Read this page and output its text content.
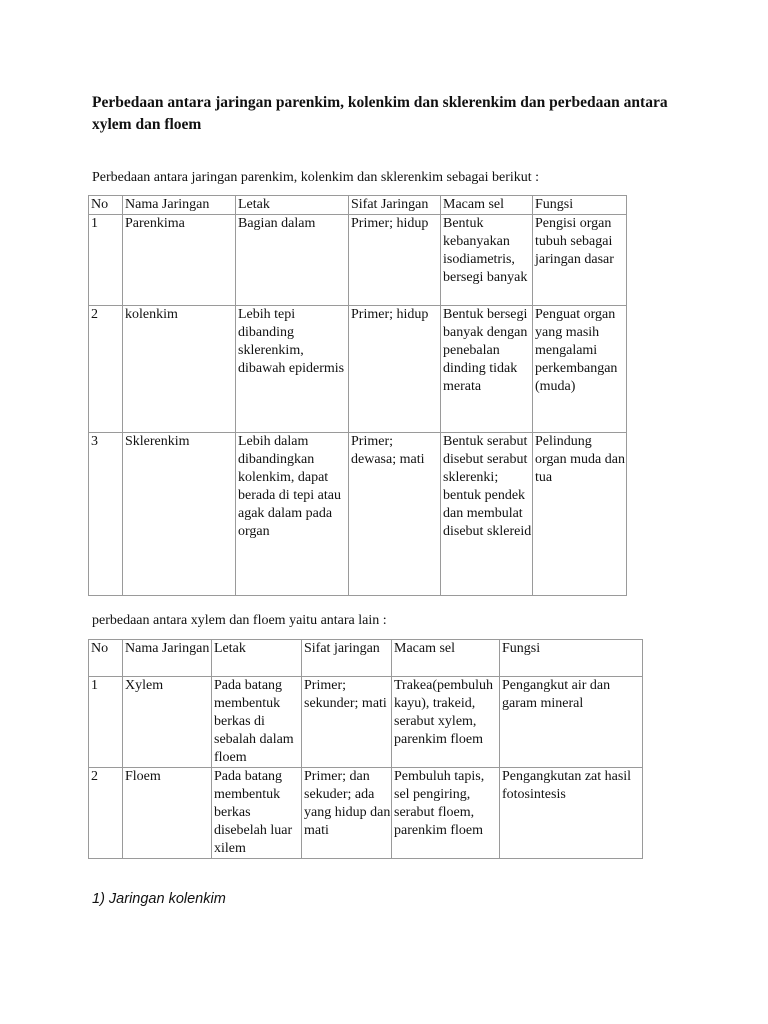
Perbedaan antara jaringan parenkim, kolenkim dan sklerenkim dan perbedaan antara xylem dan floem

Perbedaan antara jaringan parenkim, kolenkim dan sklerenkim sebagai berikut :

No	Nama Jaringan	Letak	Sifat Jaringan	Macam sel	Fungsi
1	Parenkima	Bagian dalam	Primer; hidup	Bentuk kebanyakan isodiametris, bersegi banyak	Pengisi organ tubuh sebagai jaringan dasar
2	kolenkim	Lebih tepi dibanding sklerenkim, dibawah epidermis	Primer; hidup	Bentuk bersegi banyak dengan penebalan dinding tidak merata	Penguat organ yang masih mengalami perkembangan (muda)
3	Sklerenkim	Lebih dalam dibandingkan kolenkim, dapat berada di tepi atau agak dalam pada organ	Primer; dewasa; mati	Bentuk serabut disebut serabut sklerenki; bentuk pendek dan membulat disebut sklereid	Pelindung organ muda dan tua

perbedaan antara xylem dan floem yaitu antara lain :

No	Nama Jaringan	Letak	Sifat jaringan	Macam sel	Fungsi
1	Xylem	Pada batang membentuk berkas di sebalah dalam floem	Primer; sekunder; mati	Trakea(pembuluh kayu), trakeid, serabut xylem, parenkim floem	Pengangkut air dan garam mineral
2	Floem	Pada batang membentuk berkas disebelah luar xilem	Primer; dan sekuder; ada yang hidup dan mati	Pembuluh tapis, sel pengiring, serabut floem, parenkim floem	Pengangkutan zat hasil fotosintesis

1) Jaringan kolenkim
